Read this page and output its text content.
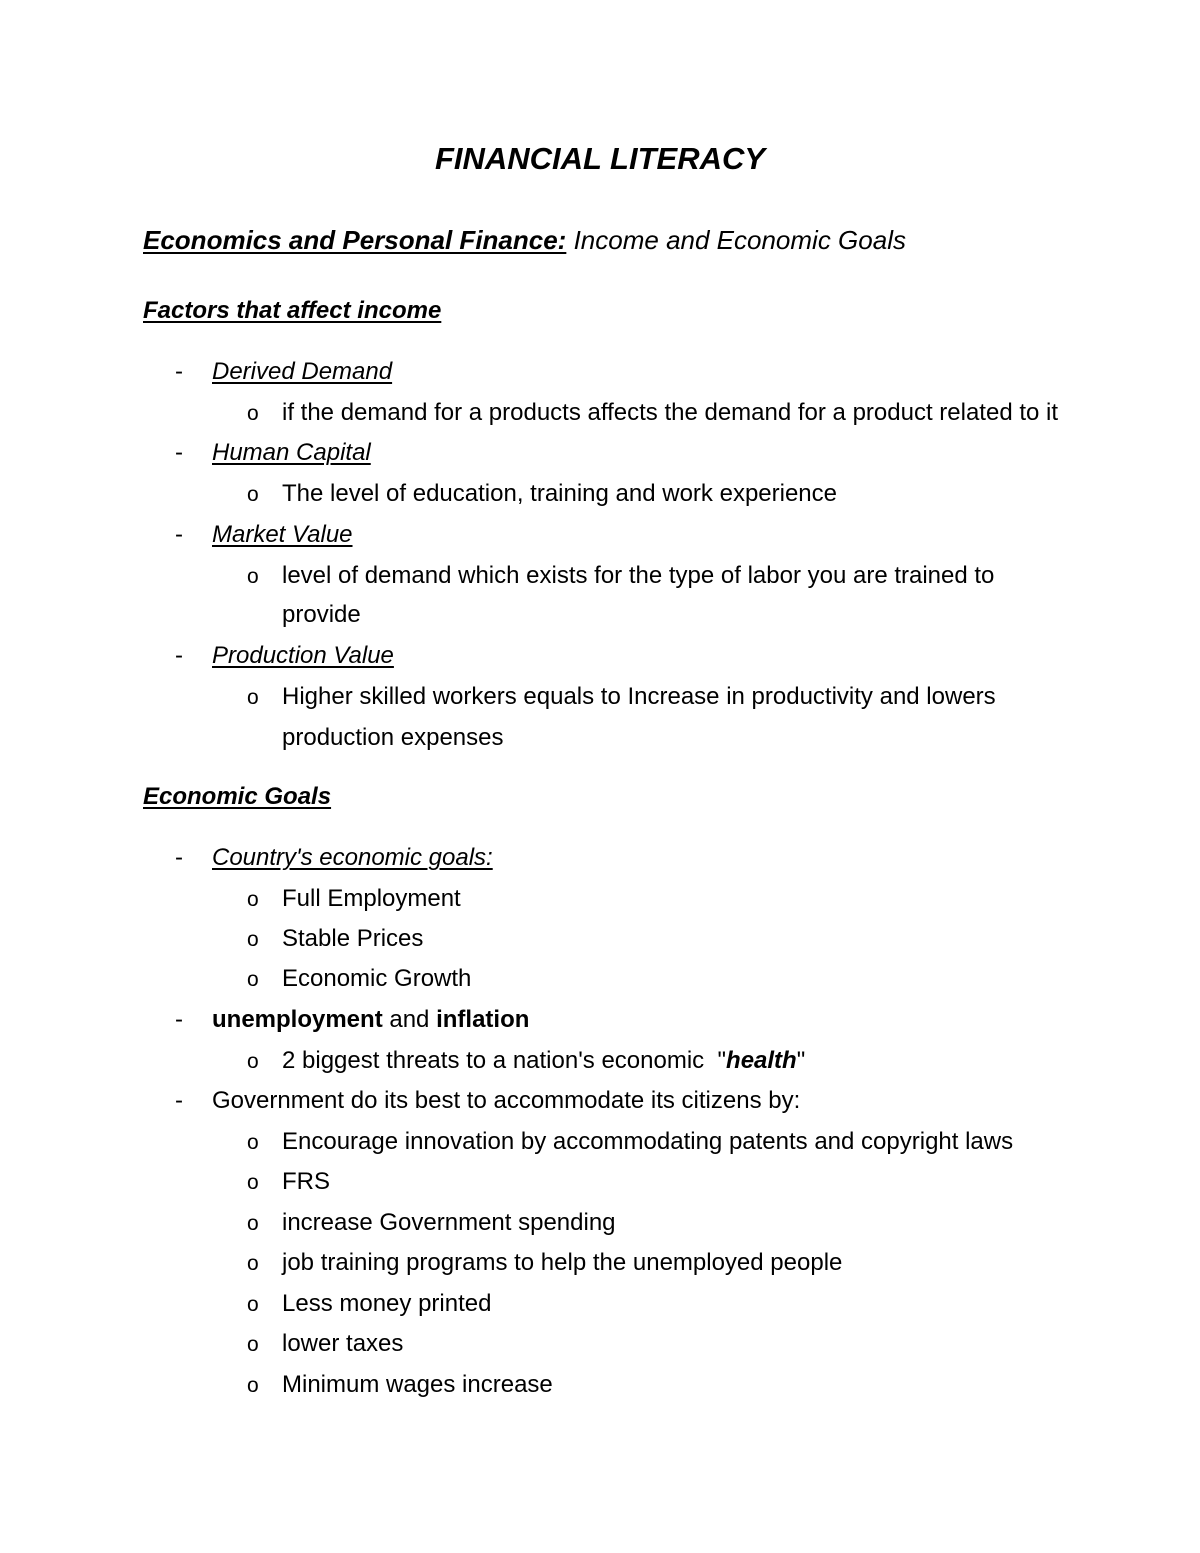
FINANCIAL LITERACY
Economics and Personal Finance: Income and Economic Goals
Factors that affect income
- Derived Demand
o if the demand for a products affects the demand for a product related to it
- Human Capital
o The level of education, training and work experience
- Market Value
o level of demand which exists for the type of labor you are trained to
provide
- Production Value
o Higher skilled workers equals to Increase in productivity and lowers
production expenses
Economic Goals
- Country's economic goals:
o Full Employment
o Stable Prices
o Economic Growth
- unemployment and inflation
o 2 biggest threats to a nation's economic  "health"
- Government do its best to accommodate its citizens by:
o Encourage innovation by accommodating patents and copyright laws
o FRS
o increase Government spending
o job training programs to help the unemployed people
o Less money printed
o lower taxes
o Minimum wages increase
